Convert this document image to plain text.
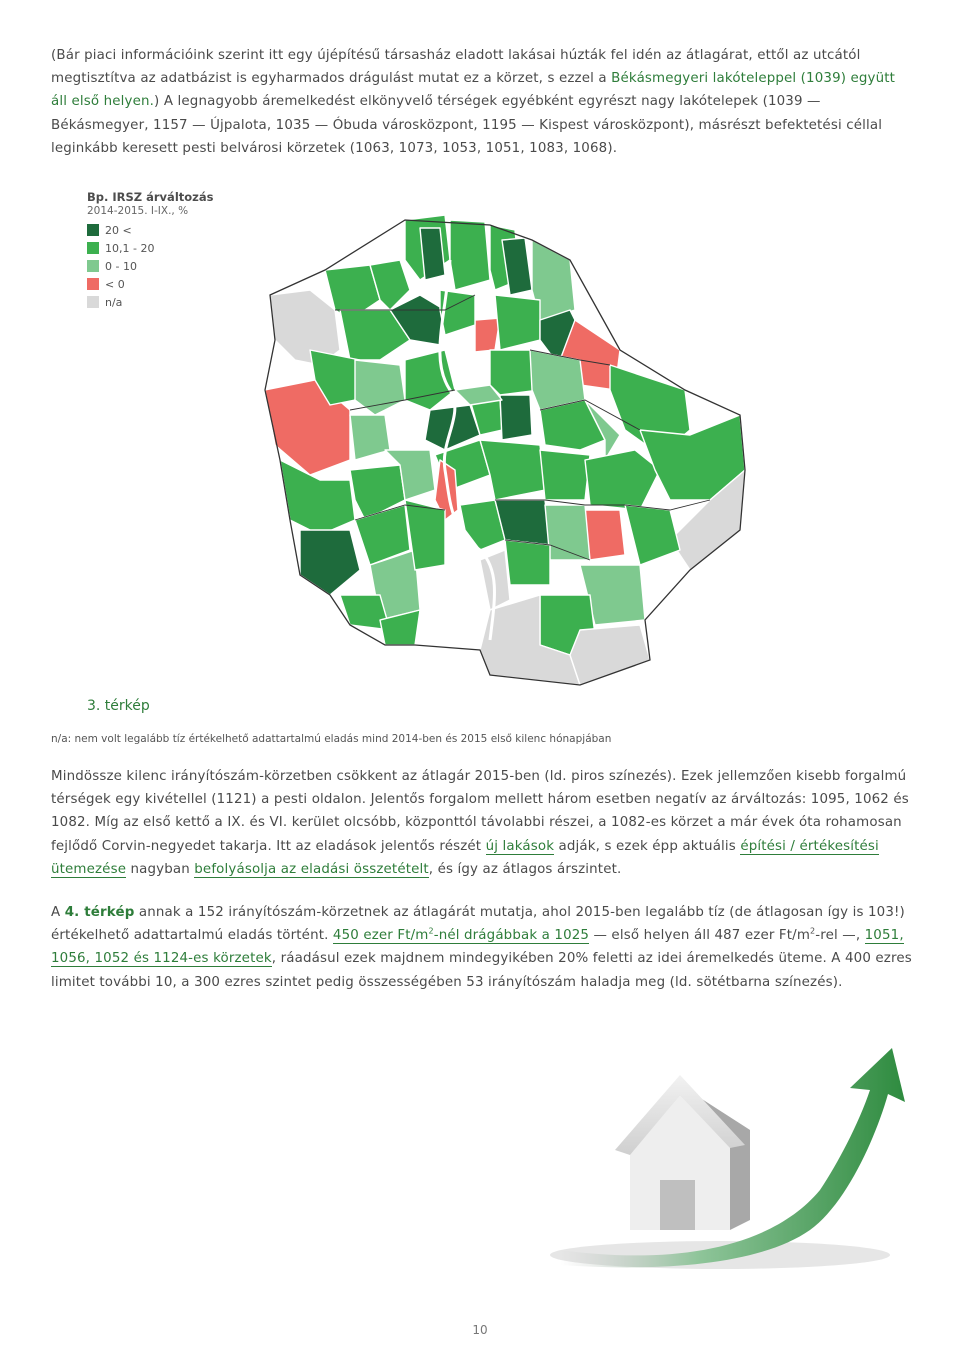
(Bár piaci információink szerint itt egy újépítésű társasház eladott lakásai húzták fel idén az átlagárat, ettől az utcától megtisztítva az adatbázist is egyharmados drágulást mutat ez a körzet, s ezzel a Békásmegyeri lakóteleppel (1039) együtt áll első helyen.) A legnagyobb áremelkedést elkönyvelő térségek egyébként egyrészt nagy lakótelepek (1039 — Békásmegyer, 1157 — Újpalota, 1035 — Óbuda városközpont, 1195 — Kispest városközpont), másrészt befektetési céllal leginkább keresett pesti belvárosi körzetek (1063, 1073, 1053, 1051, 1083, 1068).

Bp. IRSZ árváltozás
2014-2015. I-IX., %
20 <
10,1 - 20
0 - 10
< 0
n/a
3. térkép
n/a: nem volt legalább tíz értékelhető adattartalmú eladás mind 2014-ben és 2015 első kilenc hónapjában

Mindössze kilenc irányítószám-körzetben csökkent az átlagár 2015-ben (ld. piros színezés). Ezek jellemzően kisebb forgalmú térségek egy kivétellel (1121) a pesti oldalon. Jelentős forgalom mellett három esetben negatív az árváltozás: 1095, 1062 és 1082. Míg az első kettő a IX. és VI. kerület olcsóbb, központtól távolabbi részei, a 1082-es körzet a már évek óta rohamosan fejlődő Corvin-negyedet takarja. Itt az eladások jelentős részét új lakások adják, s ezek épp aktuális építési / értékesítési ütemezése nagyban befolyásolja az eladási összetételt, és így az átlagos árszintet.

A 4. térkép annak a 152 irányítószám-körzetnek az átlagárát mutatja, ahol 2015-ben legalább tíz (de átlagosan így is 103!) értékelhető adattartalmú eladás történt. 450 ezer $Ft/m^2$-nél drágábbak a 1025 — első helyen áll 487 ezer $Ft/m^2$-rel —, 1051, 1056, 1052 és 1124-es körzetek, ráadásul ezek majdnem mindegyikében 20% feletti az idei áremelkedés üteme. A 400 ezres limitet további 10, a 300 ezres szintet pedig összességében 53 irányítószám haladja meg (ld. sötétbarna színezés).

10
